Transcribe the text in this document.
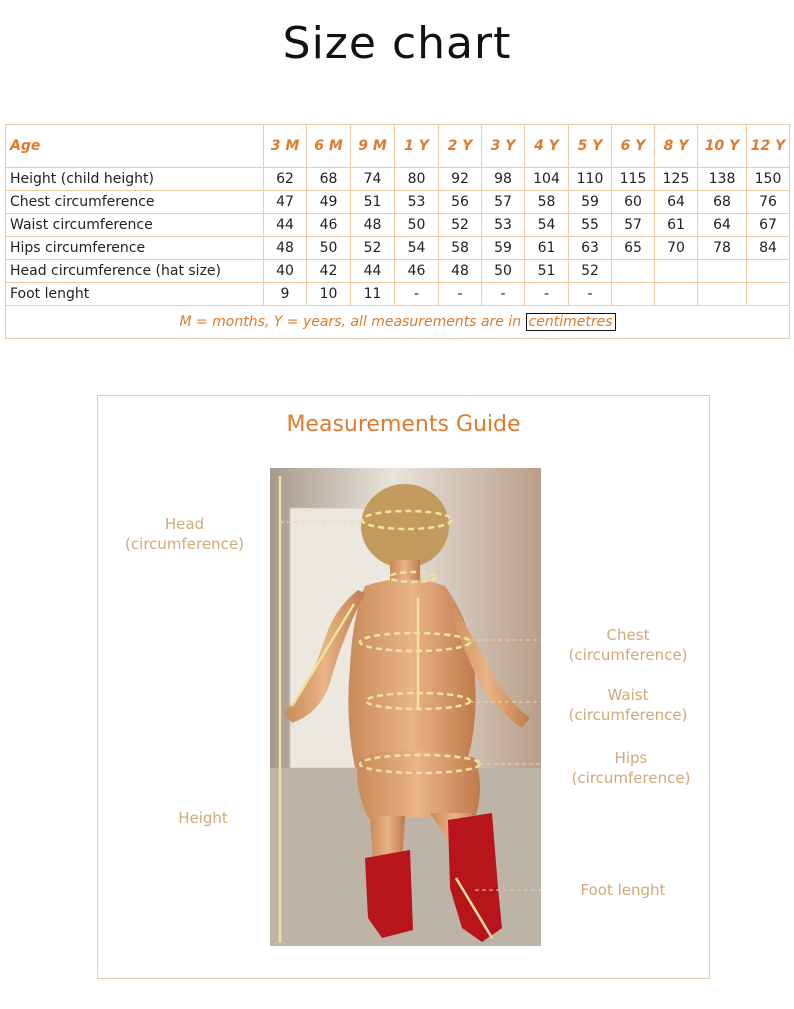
Size chart
Age	3 M	6 M	9 M	1 Y	2 Y	3 Y	4 Y	5 Y	6 Y	8 Y	10 Y	12 Y
Height (child height)	62	68	74	80	92	98	104	110	115	125	138	150
Chest circumference	47	49	51	53	56	57	58	59	60	64	68	76
Waist circumference	44	46	48	50	52	53	54	55	57	61	64	67
Hips circumference	48	50	52	54	58	59	61	63	65	70	78	84
Head circumference (hat size)	40	42	44	46	48	50	51	52				
Foot lenght	9	10	11	-	-	-	-	-				
M = months, Y = years, all measurements are in centimetres												
Measurements Guide
Head
(circumference)
Chest
(circumference)
Waist
(circumference)
Hips
(circumference)
Height
Foot lenght
